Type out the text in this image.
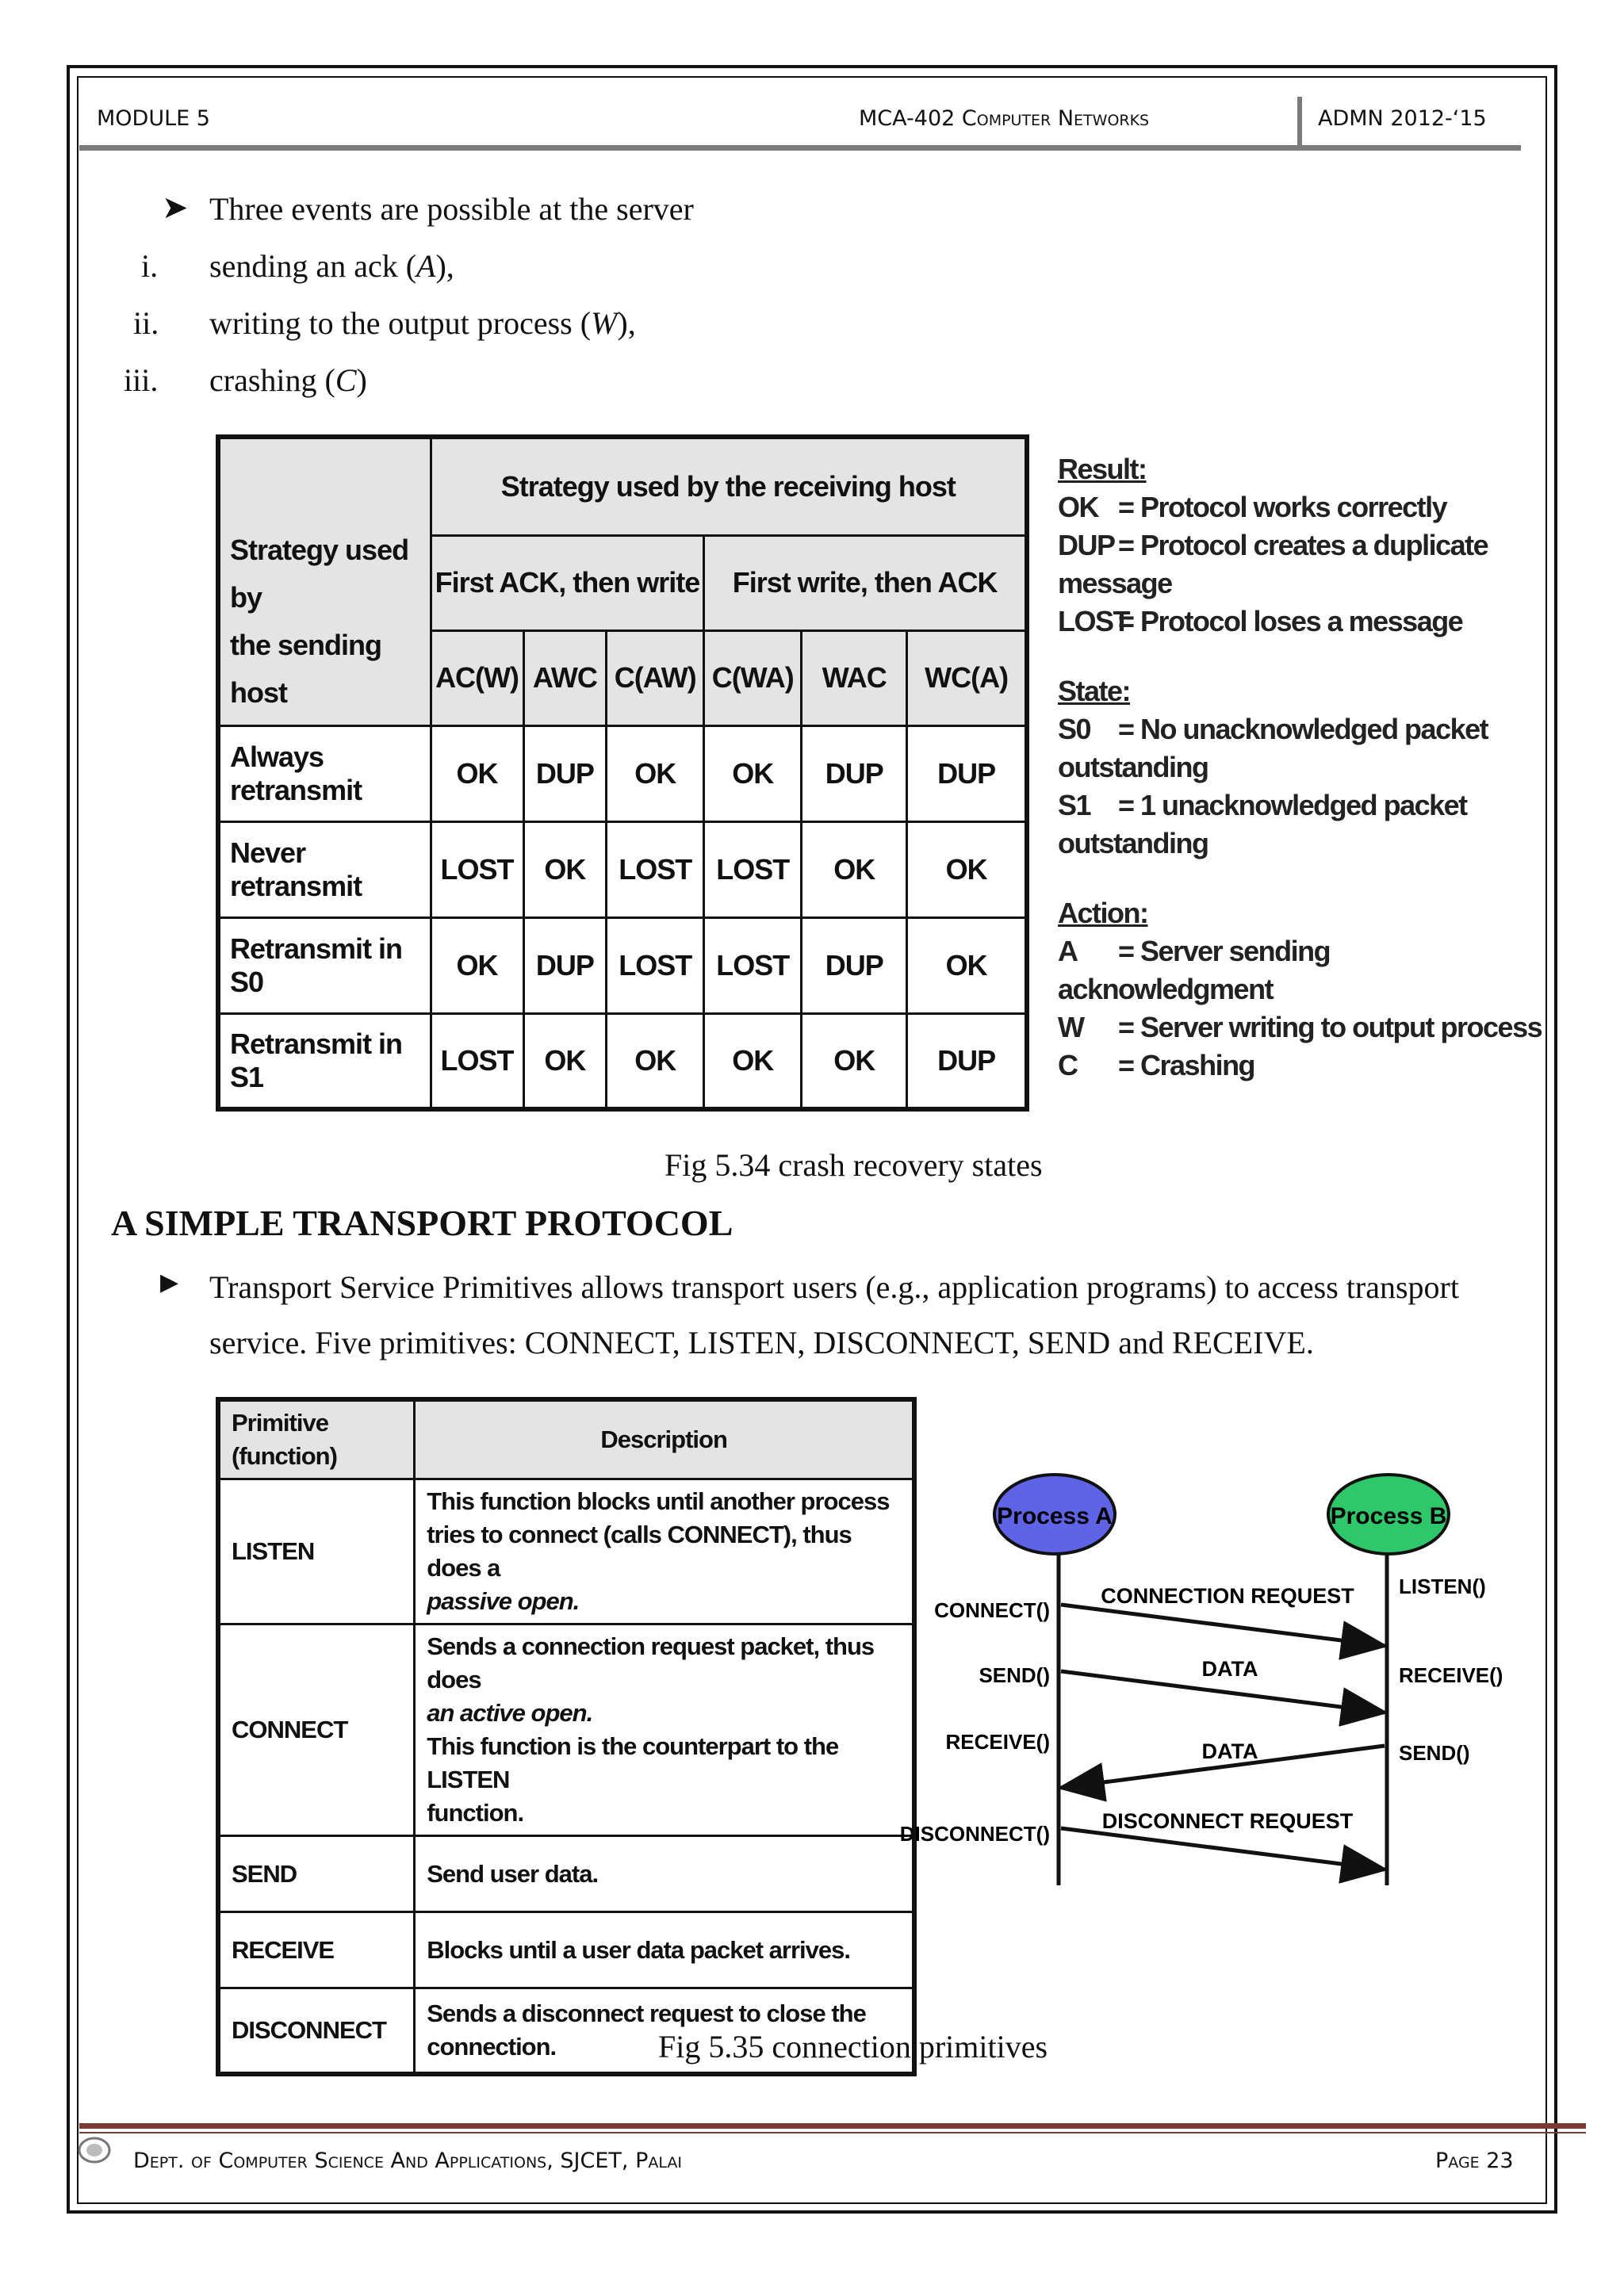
MODULE 5	MCA-402 Computer Networks	ADMN 2012-‘15
➤ Three events are possible at the server
i. sending an ack (A),
ii. writing to the output process (W),
iii. crashing (C)
Strategy used by
the sending host	Strategy used by the receiving host					
	First ACK, then write			First write, then ACK		
	AC(W)	AWC	C(AW)	C(WA)	WAC	WC(A)
Always retransmit	OK	DUP	OK	OK	DUP	DUP
Never retransmit	LOST	OK	LOST	LOST	OK	OK
Retransmit in S0	OK	DUP	LOST	LOST	DUP	OK
Retransmit in S1	LOST	OK	OK	OK	OK	DUP
Result:
OK = Protocol works correctly
DUP = Protocol creates a duplicate message
LOST= Protocol loses a message
State:
S0 = No unacknowledged packet outstanding
S1 = 1 unacknowledged packet outstanding
Action:
A = Server sending acknowledgment
W = Server writing to output process
C = Crashing
Fig 5.34 crash recovery states
A SIMPLE TRANSPORT PROTOCOL
▶ Transport Service Primitives allows transport users (e.g., application programs) to access transport
service. Five primitives: CONNECT, LISTEN, DISCONNECT, SEND and RECEIVE.
Primitive
(function)	Description
LISTEN	This function blocks until another process
tries to connect (calls CONNECT), thus does a
passive open.
CONNECT	Sends a connection request packet, thus does
an active open.
This function is the counterpart to the LISTEN
function.
SEND	Send user data.
RECEIVE	Blocks until a user data packet arrives.
DISCONNECT	Sends a disconnect request to close the
connection.
Process A	Process B
CONNECTION REQUEST
DATA
DATA
DISCONNECT REQUEST
CONNECT()
SEND()
RECEIVE()
DISCONNECT()
LISTEN()
RECEIVE()
SEND()
Fig 5.35 connection primitives
Dept. of Computer Science And Applications, SJCET, Palai	Page 23
